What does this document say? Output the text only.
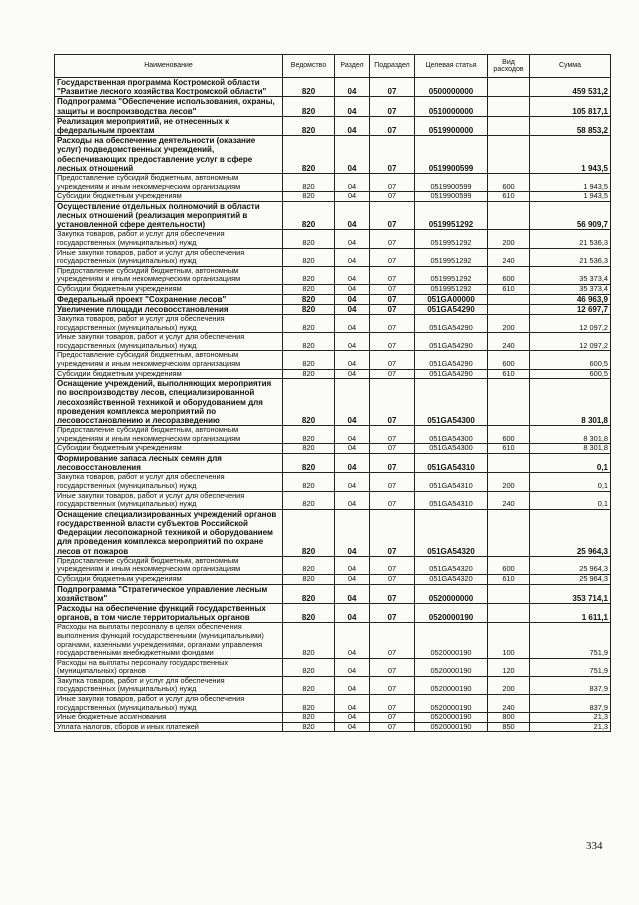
Наименование	Ведомство	Раздел	Подраздел	Целевая статья	Вид расходов	Сумма
Государственная программа Костромской области "Развитие лесного хозяйства Костромской области"	820	04	07	0500000000		459 531,2
Подпрограмма "Обеспечение использования, охраны, защиты и воспроизводства лесов"	820	04	07	0510000000		105 817,1
Реализация мероприятий, не отнесенных к федеральным проектам	820	04	07	0519900000		58 853,2
Расходы на обеспечение деятельности (оказание услуг) подведомственных учреждений, обеспечивающих предоставление услуг в сфере лесных отношений	820	04	07	0519900599		1 943,5
Предоставление субсидий бюджетным, автономным учреждениям и иным некоммерческим организациям	820	04	07	0519900599	600	1 943,5
Субсидии бюджетным учреждениям	820	04	07	0519900599	610	1 943,5
Осуществление отдельных полномочий в области лесных отношений (реализация мероприятий в установленной сфере деятельности)	820	04	07	0519951292		56 909,7
Закупка товаров, работ и услуг для обеспечения государственных (муниципальных) нужд	820	04	07	0519951292	200	21 536,3
Иные закупки товаров, работ и услуг для обеспечения государственных (муниципальных) нужд	820	04	07	0519951292	240	21 536,3
Предоставление субсидий бюджетным, автономным учреждениям и иным некоммерческим организациям	820	04	07	0519951292	600	35 373,4
Субсидии бюджетным учреждениям	820	04	07	0519951292	610	35 373,4
Федеральный проект "Сохранение лесов"	820	04	07	051GA00000		46 963,9
Увеличение площади лесовосстановления	820	04	07	051GA54290		12 697,7
Закупка товаров, работ и услуг для обеспечения государственных (муниципальных) нужд	820	04	07	051GA54290	200	12 097,2
Иные закупки товаров, работ и услуг для обеспечения государственных (муниципальных) нужд	820	04	07	051GA54290	240	12 097,2
Предоставление субсидий бюджетным, автономным учреждениям и иным некоммерческим организациям	820	04	07	051GA54290	600	600,5
Субсидии бюджетным учреждениям	820	04	07	051GA54290	610	600,5
Оснащение учреждений, выполняющих мероприятия по воспроизводству лесов, специализированной лесохозяйственной техникой и оборудованием для проведения комплекса мероприятий по лесовосстановлению и лесоразведению	820	04	07	051GA54300		8 301,8
Предоставление субсидий бюджетным, автономным учреждениям и иным некоммерческим организациям	820	04	07	051GA54300	600	8 301,8
Субсидии бюджетным учреждениям	820	04	07	051GA54300	610	8 301,8
Формирование запаса лесных семян для лесовосстановления	820	04	07	051GA54310		0,1
Закупка товаров, работ и услуг для обеспечения государственных (муниципальных) нужд	820	04	07	051GA54310	200	0,1
Иные закупки товаров, работ и услуг для обеспечения государственных (муниципальных) нужд	820	04	07	051GA54310	240	0,1
Оснащение специализированных учреждений органов государственной власти субъектов Российской Федерации лесопожарной техникой и оборудованием для проведения комплекса мероприятий по охране лесов от пожаров	820	04	07	051GA54320		25 964,3
Предоставление субсидий бюджетным, автономным учреждениям и иным некоммерческим организациям	820	04	07	051GA54320	600	25 964,3
Субсидии бюджетным учреждениям	820	04	07	051GA54320	610	25 964,3
Подпрограмма "Стратегическое управление лесным хозяйством"	820	04	07	0520000000		353 714,1
Расходы на обеспечение функций государственных органов, в том числе территориальных органов	820	04	07	0520000190		1 611,1
Расходы на выплаты персоналу в целях обеспечения выполнения функций государственными (муниципальными) органами, казенными учреждениями, органами управления государственными внебюджетными фондами	820	04	07	0520000190	100	751,9
Расходы на выплаты персоналу государственных (муниципальных) органов	820	04	07	0520000190	120	751,9
Закупка товаров, работ и услуг для обеспечения государственных (муниципальных) нужд	820	04	07	0520000190	200	837,9
Иные закупки товаров, работ и услуг для обеспечения государственных (муниципальных) нужд	820	04	07	0520000190	240	837,9
Иные бюджетные ассигнования	820	04	07	0520000190	800	21,3
Уплата налогов, сборов и иных платежей	820	04	07	0520000190	850	21,3
334
